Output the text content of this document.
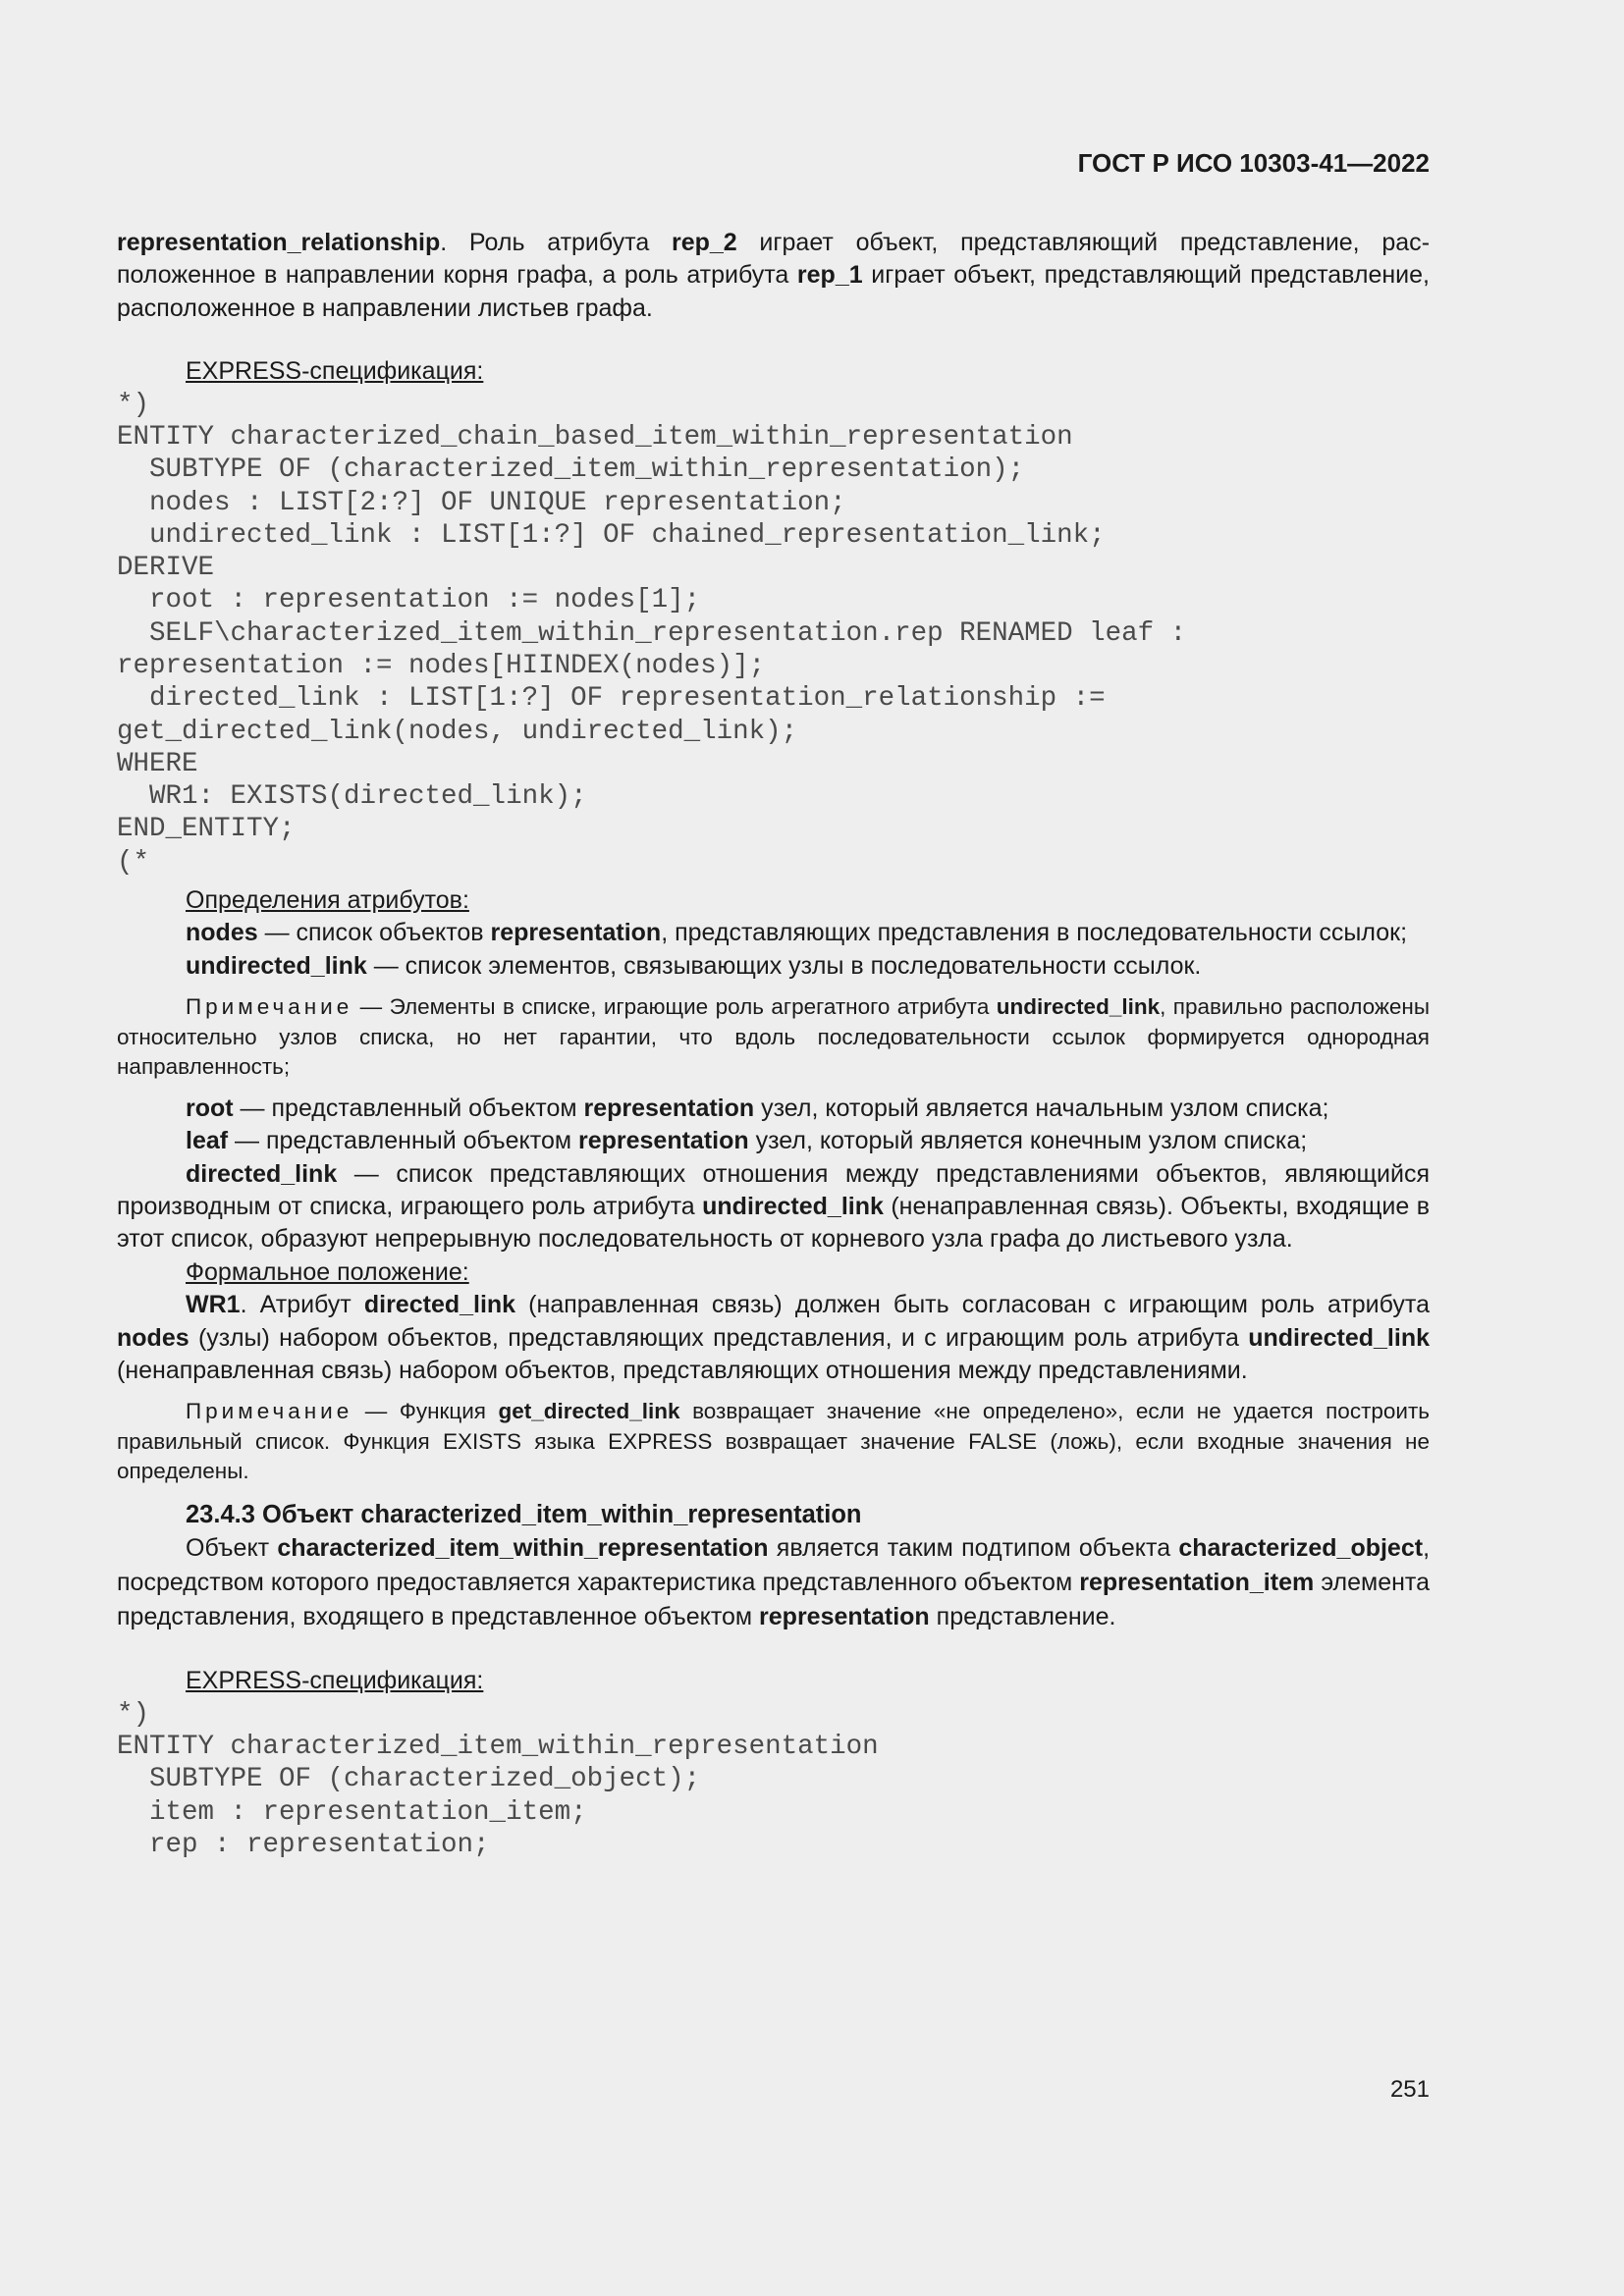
ГОСТ Р ИСО 10303-41—2022

representation_relationship. Роль атрибута rep_2 играет объект, представляющий представление, расположенное в направлении корня графа, а роль атрибута rep_1 играет объект, представляющий представление, расположенное в направлении листьев графа.

EXPRESS-спецификация:

*)
ENTITY characterized_chain_based_item_within_representation
SUBTYPE OF (characterized_item_within_representation);
nodes : LIST[2:?] OF UNIQUE representation;
undirected_link : LIST[1:?] OF chained_representation_link;
DERIVE
root : representation := nodes[1];
SELF\characterized_item_within_representation.rep RENAMED leaf :
representation := nodes[HIINDEX(nodes)];
directed_link : LIST[1:?] OF representation_relationship :=
get_directed_link(nodes, undirected_link);
WHERE
WR1: EXISTS(directed_link);
END_ENTITY;
(*

Определения атрибутов:

nodes — список объектов representation, представляющих представления в последовательности ссылок;

undirected_link — список элементов, связывающих узлы в последовательности ссылок.

Примечание — Элементы в списке, играющие роль агрегатного атрибута undirected_link, правильно расположены относительно узлов списка, но нет гарантии, что вдоль последовательности ссылок формируется однородная направленность;

root — представленный объектом representation узел, который является начальным узлом списка;

leaf — представленный объектом representation узел, который является конечным узлом списка;

directed_link — список представляющих отношения между представлениями объектов, являющийся производным от списка, играющего роль атрибута undirected_link (ненаправленная связь). Объекты, входящие в этот список, образуют непрерывную последовательность от корневого узла графа до листьевого узла.

Формальное положение:

WR1. Атрибут directed_link (направленная связь) должен быть согласован с играющим роль атрибута nodes (узлы) набором объектов, представляющих представления, и с играющим роль атрибута undirected_link (ненаправленная связь) набором объектов, представляющих отношения между представлениями.

Примечание — Функция get_directed_link возвращает значение «не определено», если не удается построить правильный список. Функция EXISTS языка EXPRESS возвращает значение FALSE (ложь), если входные значения не определены.

23.4.3 Объект characterized_item_within_representation

Объект characterized_item_within_representation является таким подтипом объекта characterized_object, посредством которого предоставляется характеристика представленного объектом representation_item элемента представления, входящего в представленное объектом representation представление.

EXPRESS-спецификация:

*)
ENTITY characterized_item_within_representation
SUBTYPE OF (characterized_object);
item : representation_item;
rep : representation;
251
